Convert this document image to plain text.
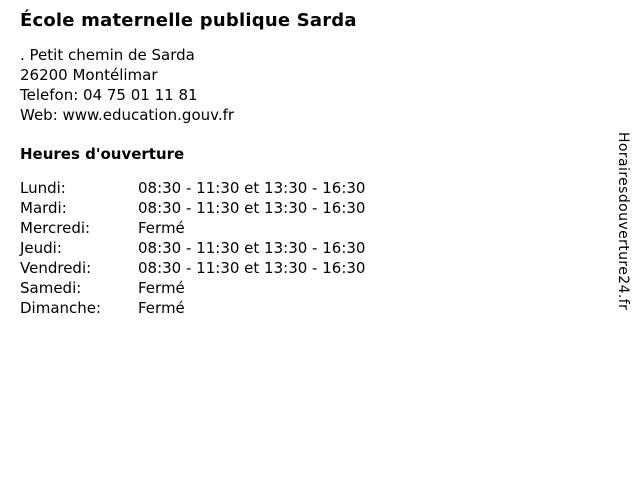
École maternelle publique Sarda
. Petit chemin de Sarda
26200 Montélimar
Telefon: 04 75 01 11 81
Web: www.education.gouv.fr
Heures d'ouverture
Lundi:	08:30 - 11:30 et 13:30 - 16:30
Mardi:	08:30 - 11:30 et 13:30 - 16:30
Mercredi:	Fermé
Jeudi:	08:30 - 11:30 et 13:30 - 16:30
Vendredi:	08:30 - 11:30 et 13:30 - 16:30
Samedi:	Fermé
Dimanche:	Fermé	Horairesdouverture24.fr
